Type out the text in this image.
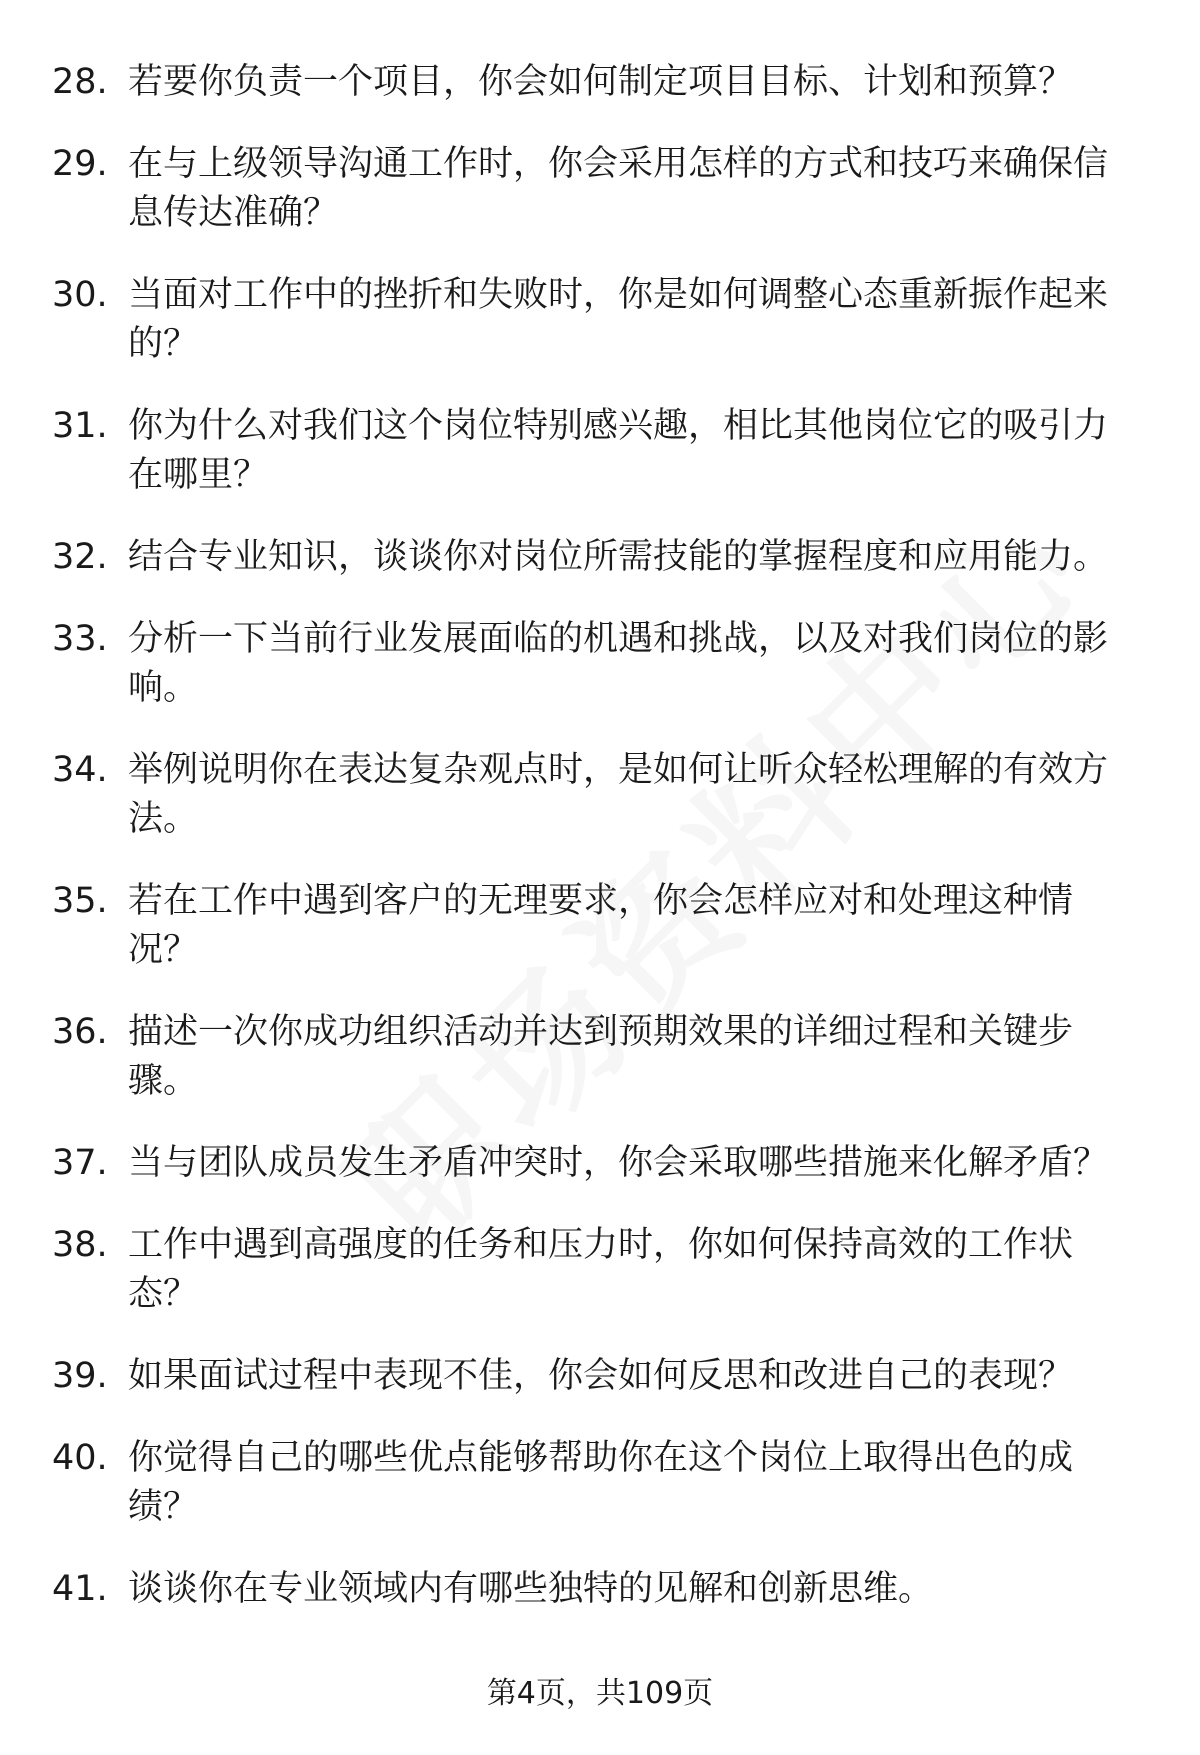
28. 若要你负责一个项目，你会如何制定项目目标、计划和预算？
29. 在与上级领导沟通工作时，你会采用怎样的方式和技巧来确保信息传达准确？
30. 当面对工作中的挫折和失败时，你是如何调整心态重新振作起来的？
31. 你为什么对我们这个岗位特别感兴趣，相比其他岗位它的吸引力在哪里？
32. 结合专业知识，谈谈你对岗位所需技能的掌握程度和应用能力。
33. 分析一下当前行业发展面临的机遇和挑战，以及对我们岗位的影响。
34. 举例说明你在表达复杂观点时，是如何让听众轻松理解的有效方法。
35. 若在工作中遇到客户的无理要求，你会怎样应对和处理这种情况？
36. 描述一次你成功组织活动并达到预期效果的详细过程和关键步骤。
37. 当与团队成员发生矛盾冲突时，你会采取哪些措施来化解矛盾？
38. 工作中遇到高强度的任务和压力时，你如何保持高效的工作状态？
39. 如果面试过程中表现不佳，你会如何反思和改进自己的表现？
40. 你觉得自己的哪些优点能够帮助你在这个岗位上取得出色的成绩？
41. 谈谈你在专业领域内有哪些独特的见解和创新思维。
第4页，共109页
